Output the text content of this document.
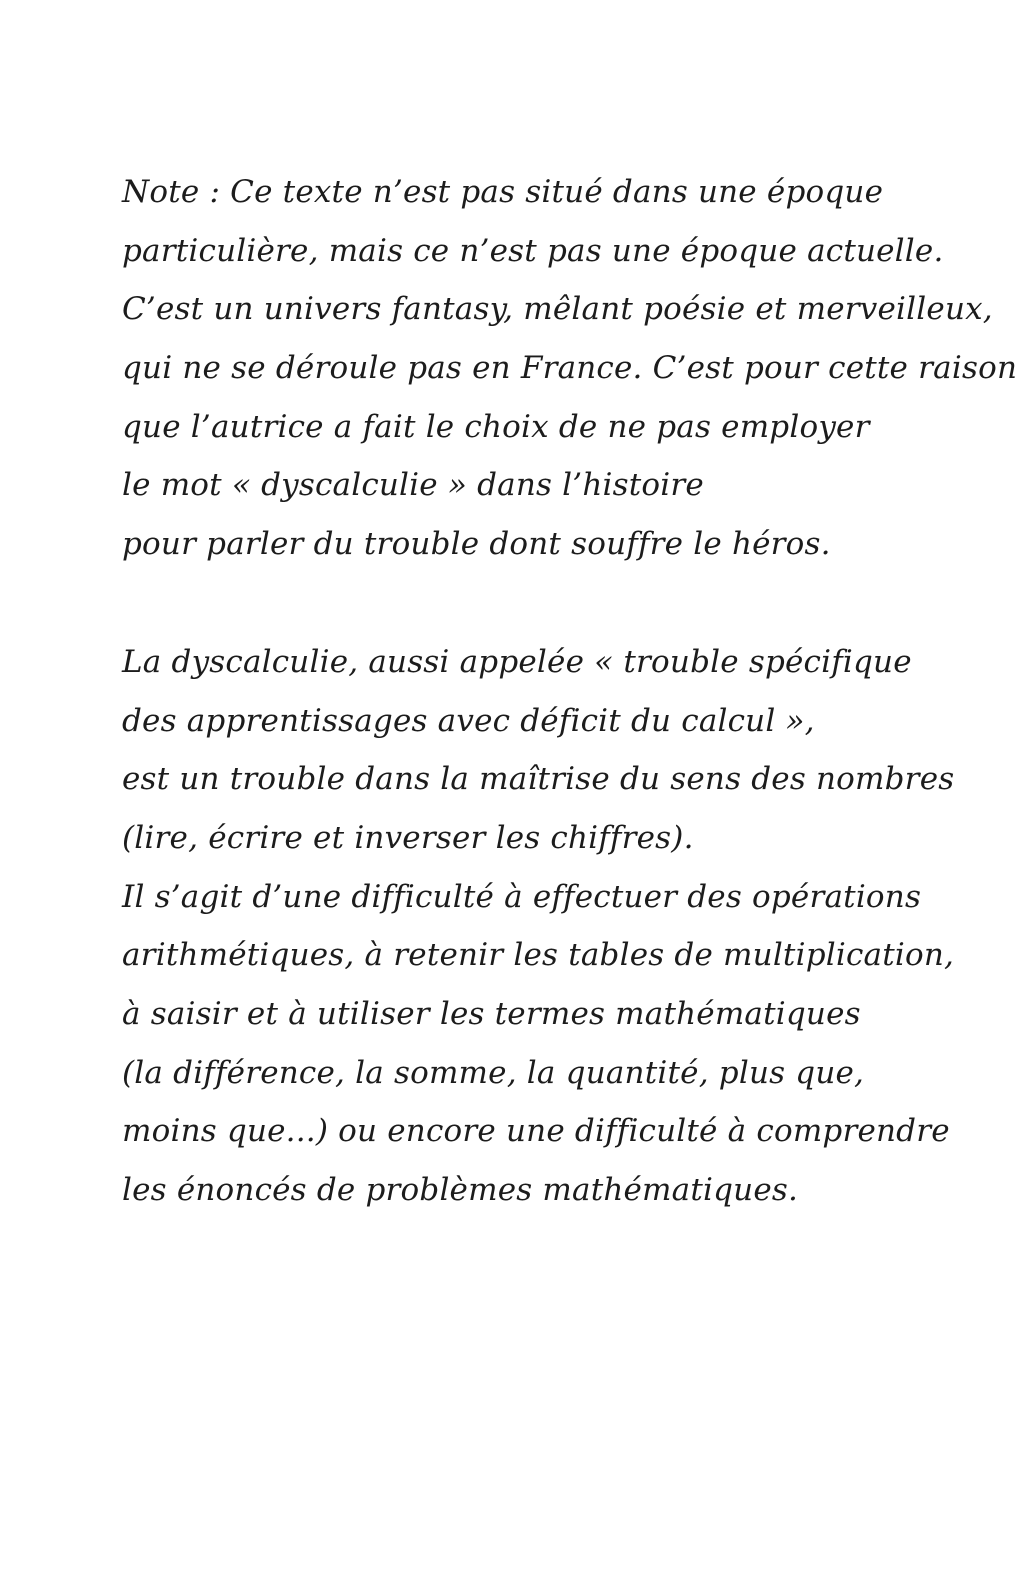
Note : Ce texte n’est pas situé dans une époque
particulière, mais ce n’est pas une époque actuelle.
C’est un univers fantasy, mêlant poésie et merveilleux,
qui ne se déroule pas en France. C’est pour cette raison
que l’autrice a fait le choix de ne pas employer
le mot « dyscalculie » dans l’histoire
pour parler du trouble dont souffre le héros.
La dyscalculie, aussi appelée « trouble spécifique
des apprentissages avec déficit du calcul »,
est un trouble dans la maîtrise du sens des nombres
(lire, écrire et inverser les chiffres).
Il s’agit d’une difficulté à effectuer des opérations
arithmétiques, à retenir les tables de multiplication,
à saisir et à utiliser les termes mathématiques
(la différence, la somme, la quantité, plus que,
moins que...) ou encore une difficulté à comprendre
les énoncés de problèmes mathématiques.
